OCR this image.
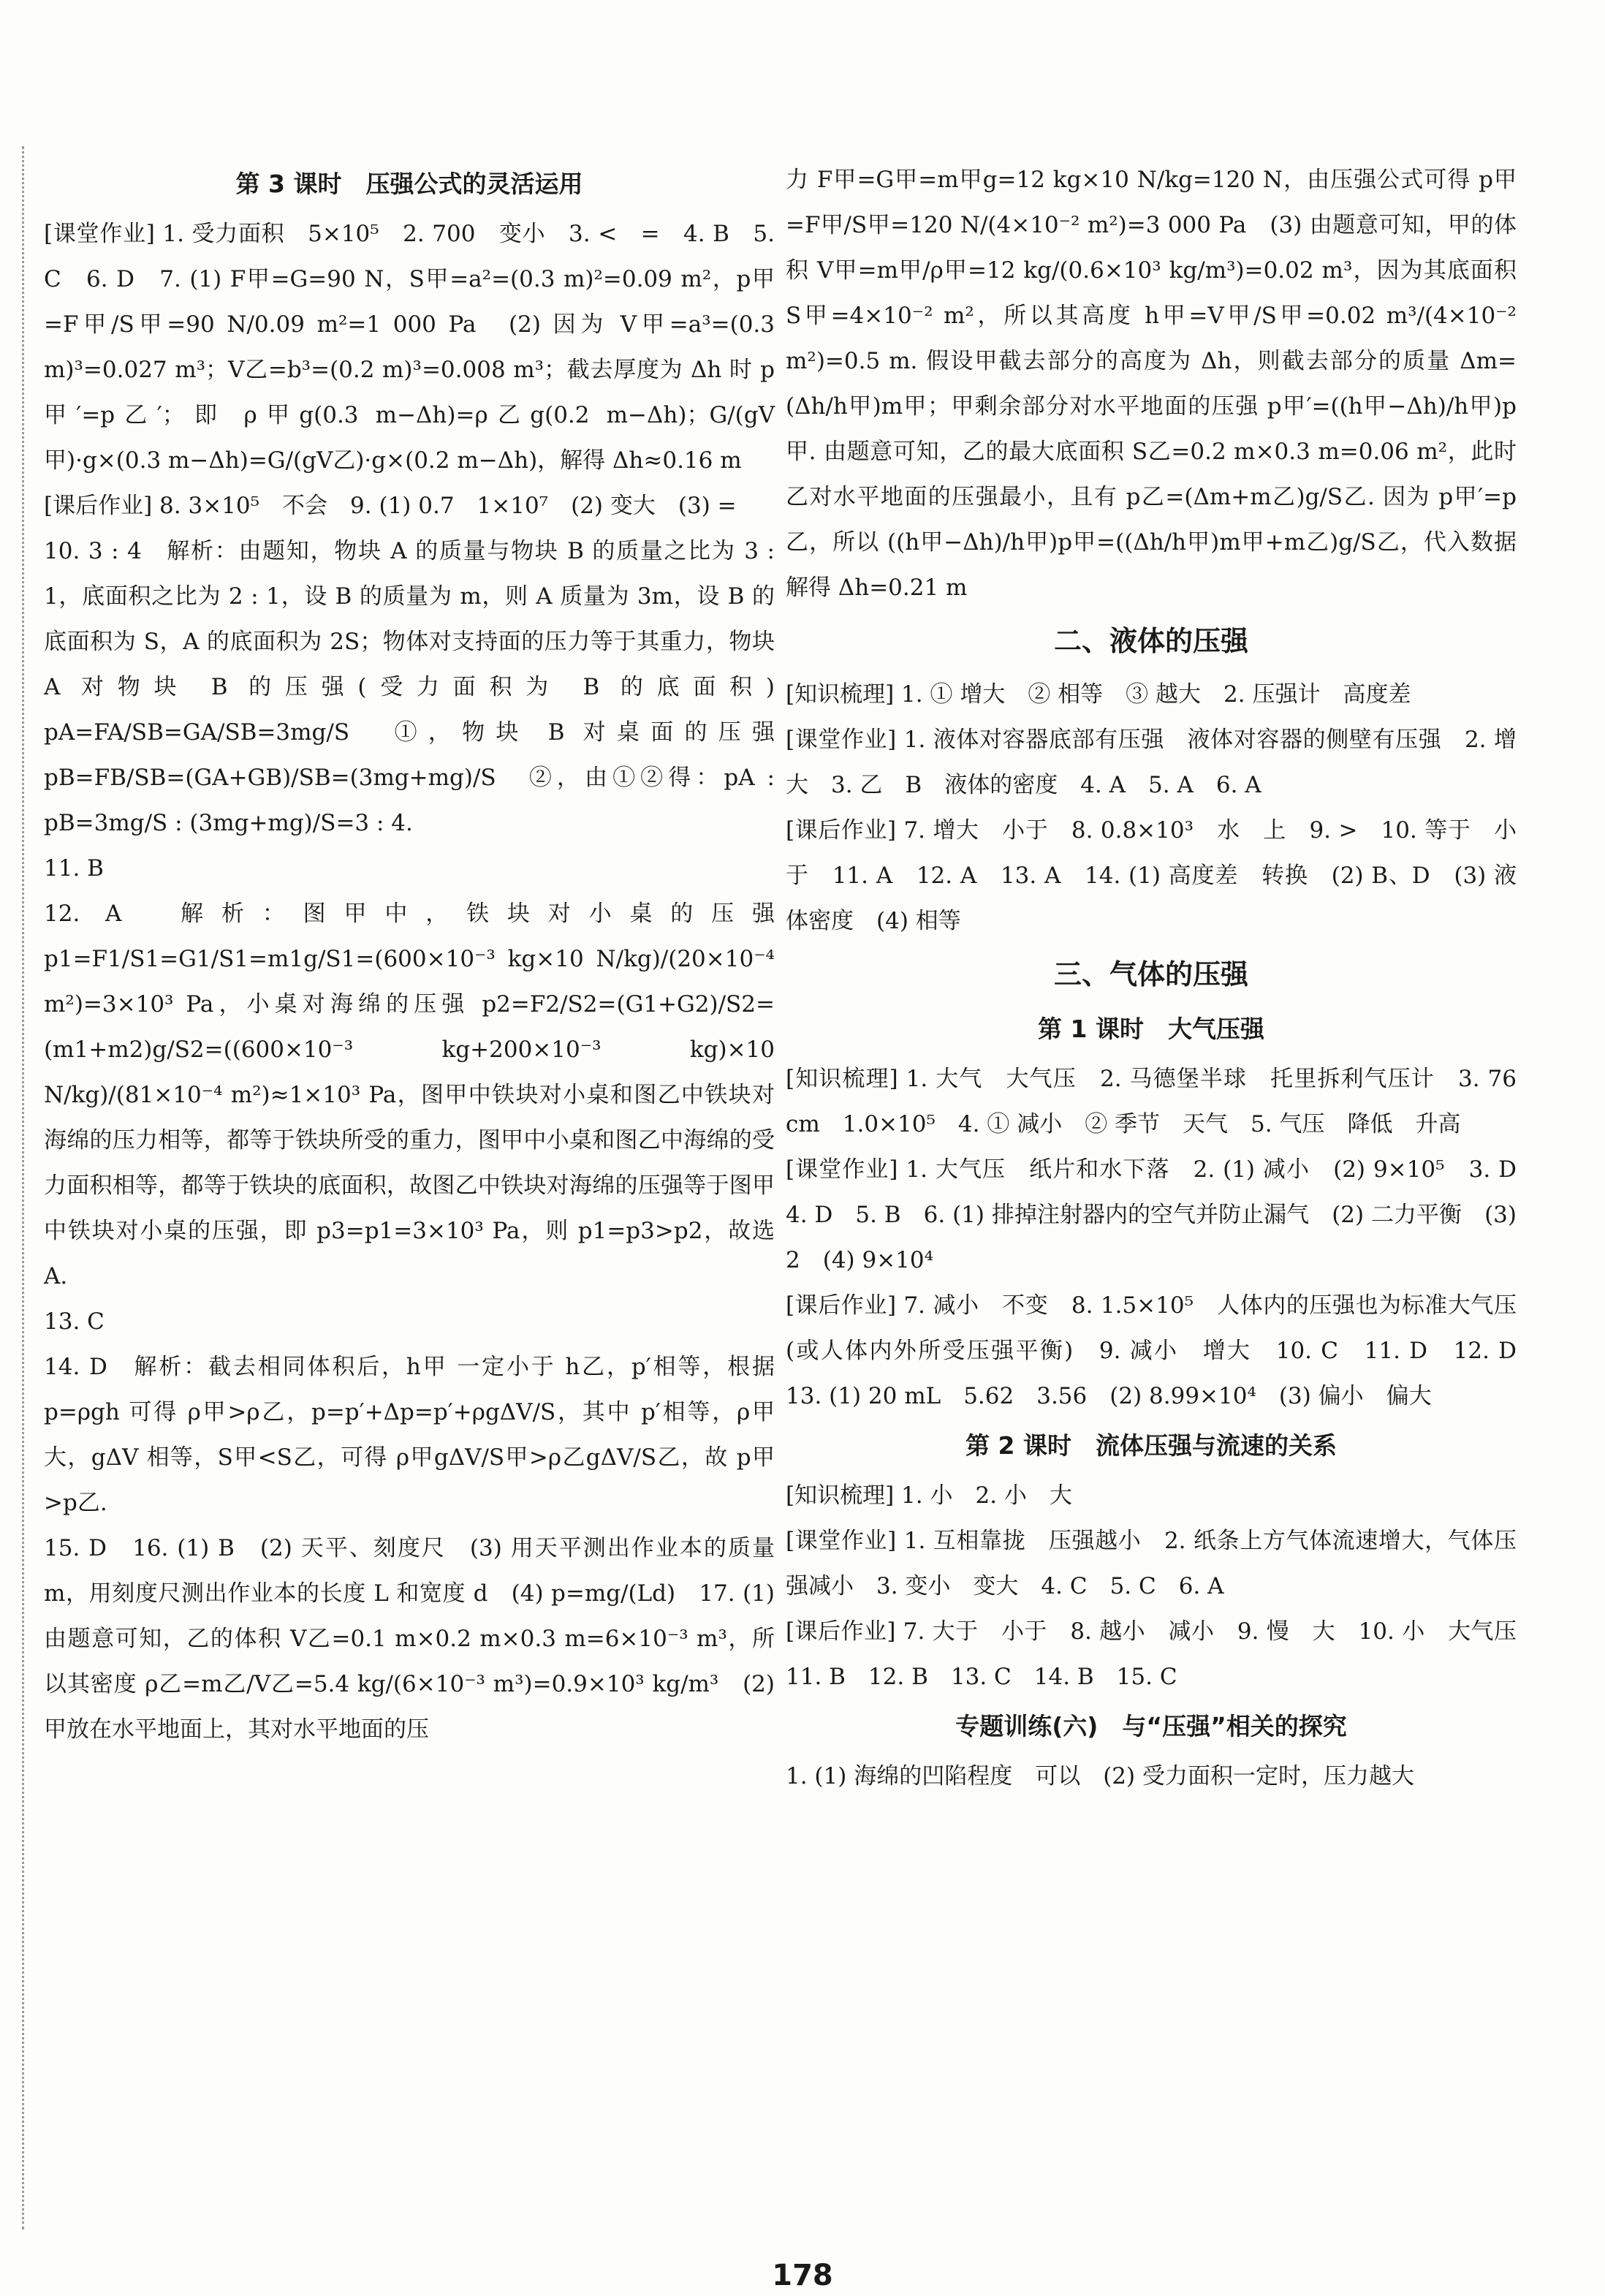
第 3 课时　压强公式的灵活运用

[课堂作业] 1. 受力面积　5×10⁵　2. 700　变小　3. <　=　4. B　5. C　6. D　7. (1) F甲=G=90 N，S甲=a²=(0.3 m)²=0.09 m²，p甲=F甲/S甲=90 N/0.09 m²=1 000 Pa　(2) 因为 V甲=a³=(0.3 m)³=0.027 m³；V乙=b³=(0.2 m)³=0.008 m³；截去厚度为 Δh 时 p甲′=p乙′；即 ρ甲g(0.3 m−Δh)=ρ乙g(0.2 m−Δh)；G/(gV甲)·g×(0.3 m−Δh)=G/(gV乙)·g×(0.2 m−Δh)，解得 Δh≈0.16 m

[课后作业] 8. 3×10⁵　不会　9. (1) 0.7　1×10⁷　(2) 变大　(3) =

10. 3 : 4　解析：由题知，物块 A 的质量与物块 B 的质量之比为 3 : 1，底面积之比为 2 : 1，设 B 的质量为 m，则 A 质量为 3m，设 B 的底面积为 S，A 的底面积为 2S；物体对支持面的压力等于其重力，物块 A 对物块 B 的压强(受力面积为 B 的底面积) pA=FA/SB=GA/SB=3mg/S　①，物块 B 对桌面的压强 pB=FB/SB=(GA+GB)/SB=(3mg+mg)/S　②，由①②得：pA : pB=3mg/S : (3mg+mg)/S=3 : 4.

11. B

12. A　解析：图甲中，铁块对小桌的压强 p1=F1/S1=G1/S1=m1g/S1=(600×10⁻³ kg×10 N/kg)/(20×10⁻⁴ m²)=3×10³ Pa，小桌对海绵的压强 p2=F2/S2=(G1+G2)/S2=(m1+m2)g/S2=((600×10⁻³ kg+200×10⁻³ kg)×10 N/kg)/(81×10⁻⁴ m²)≈1×10³ Pa，图甲中铁块对小桌和图乙中铁块对海绵的压力相等，都等于铁块所受的重力，图甲中小桌和图乙中海绵的受力面积相等，都等于铁块的底面积，故图乙中铁块对海绵的压强等于图甲中铁块对小桌的压强，即 p3=p1=3×10³ Pa，则 p1=p3>p2，故选 A.

13. C

14. D　解析：截去相同体积后，h甲 一定小于 h乙，p′相等，根据 p=ρgh 可得 ρ甲>ρ乙，p=p′+Δp=p′+ρgΔV/S，其中 p′相等，ρ甲 大，gΔV 相等，S甲<S乙，可得 ρ甲gΔV/S甲>ρ乙gΔV/S乙，故 p甲>p乙.

15. D　16. (1) B　(2) 天平、刻度尺　(3) 用天平测出作业本的质量 m，用刻度尺测出作业本的长度 L 和宽度 d　(4) p=mg/(Ld)　17. (1) 由题意可知，乙的体积 V乙=0.1 m×0.2 m×0.3 m=6×10⁻³ m³，所以其密度 ρ乙=m乙/V乙=5.4 kg/(6×10⁻³ m³)=0.9×10³ kg/m³　(2) 甲放在水平地面上，其对水平地面的压

力 F甲=G甲=m甲g=12 kg×10 N/kg=120 N，由压强公式可得 p甲=F甲/S甲=120 N/(4×10⁻² m²)=3 000 Pa　(3) 由题意可知，甲的体积 V甲=m甲/ρ甲=12 kg/(0.6×10³ kg/m³)=0.02 m³，因为其底面积 S甲=4×10⁻² m²，所以其高度 h甲=V甲/S甲=0.02 m³/(4×10⁻² m²)=0.5 m. 假设甲截去部分的高度为 Δh，则截去部分的质量 Δm=(Δh/h甲)m甲；甲剩余部分对水平地面的压强 p甲′=((h甲−Δh)/h甲)p甲. 由题意可知，乙的最大底面积 S乙=0.2 m×0.3 m=0.06 m²，此时乙对水平地面的压强最小，且有 p乙=(Δm+m乙)g/S乙. 因为 p甲′=p乙，所以 ((h甲−Δh)/h甲)p甲=((Δh/h甲)m甲+m乙)g/S乙，代入数据解得 Δh=0.21 m

二、液体的压强

[知识梳理] 1. ① 增大　② 相等　③ 越大　2. 压强计　高度差

[课堂作业] 1. 液体对容器底部有压强　液体对容器的侧壁有压强　2. 增大　3. 乙　B　液体的密度　4. A　5. A　6. A

[课后作业] 7. 增大　小于　8. 0.8×10³　水　上　9. >　10. 等于　小于　11. A　12. A　13. A　14. (1) 高度差　转换　(2) B、D　(3) 液体密度　(4) 相等

三、气体的压强
第 1 课时　大气压强

[知识梳理] 1. 大气　大气压　2. 马德堡半球　托里拆利气压计　3. 76 cm　1.0×10⁵　4. ① 减小　② 季节　天气　5. 气压　降低　升高

[课堂作业] 1. 大气压　纸片和水下落　2. (1) 减小　(2) 9×10⁵　3. D　4. D　5. B　6. (1) 排掉注射器内的空气并防止漏气　(2) 二力平衡　(3) 2　(4) 9×10⁴

[课后作业] 7. 减小　不变　8. 1.5×10⁵　人体内的压强也为标准大气压(或人体内外所受压强平衡)　9. 减小　增大　10. C　11. D　12. D　13. (1) 20 mL　5.62　3.56　(2) 8.99×10⁴　(3) 偏小　偏大

第 2 课时　流体压强与流速的关系

[知识梳理] 1. 小　2. 小　大

[课堂作业] 1. 互相靠拢　压强越小　2. 纸条上方气体流速增大，气体压强减小　3. 变小　变大　4. C　5. C　6. A

[课后作业] 7. 大于　小于　8. 越小　减小　9. 慢　大　10. 小　大气压　11. B　12. B　13. C　14. B　15. C

专题训练(六)　与“压强”相关的探究

1. (1) 海绵的凹陷程度　可以　(2) 受力面积一定时，压力越大

178
